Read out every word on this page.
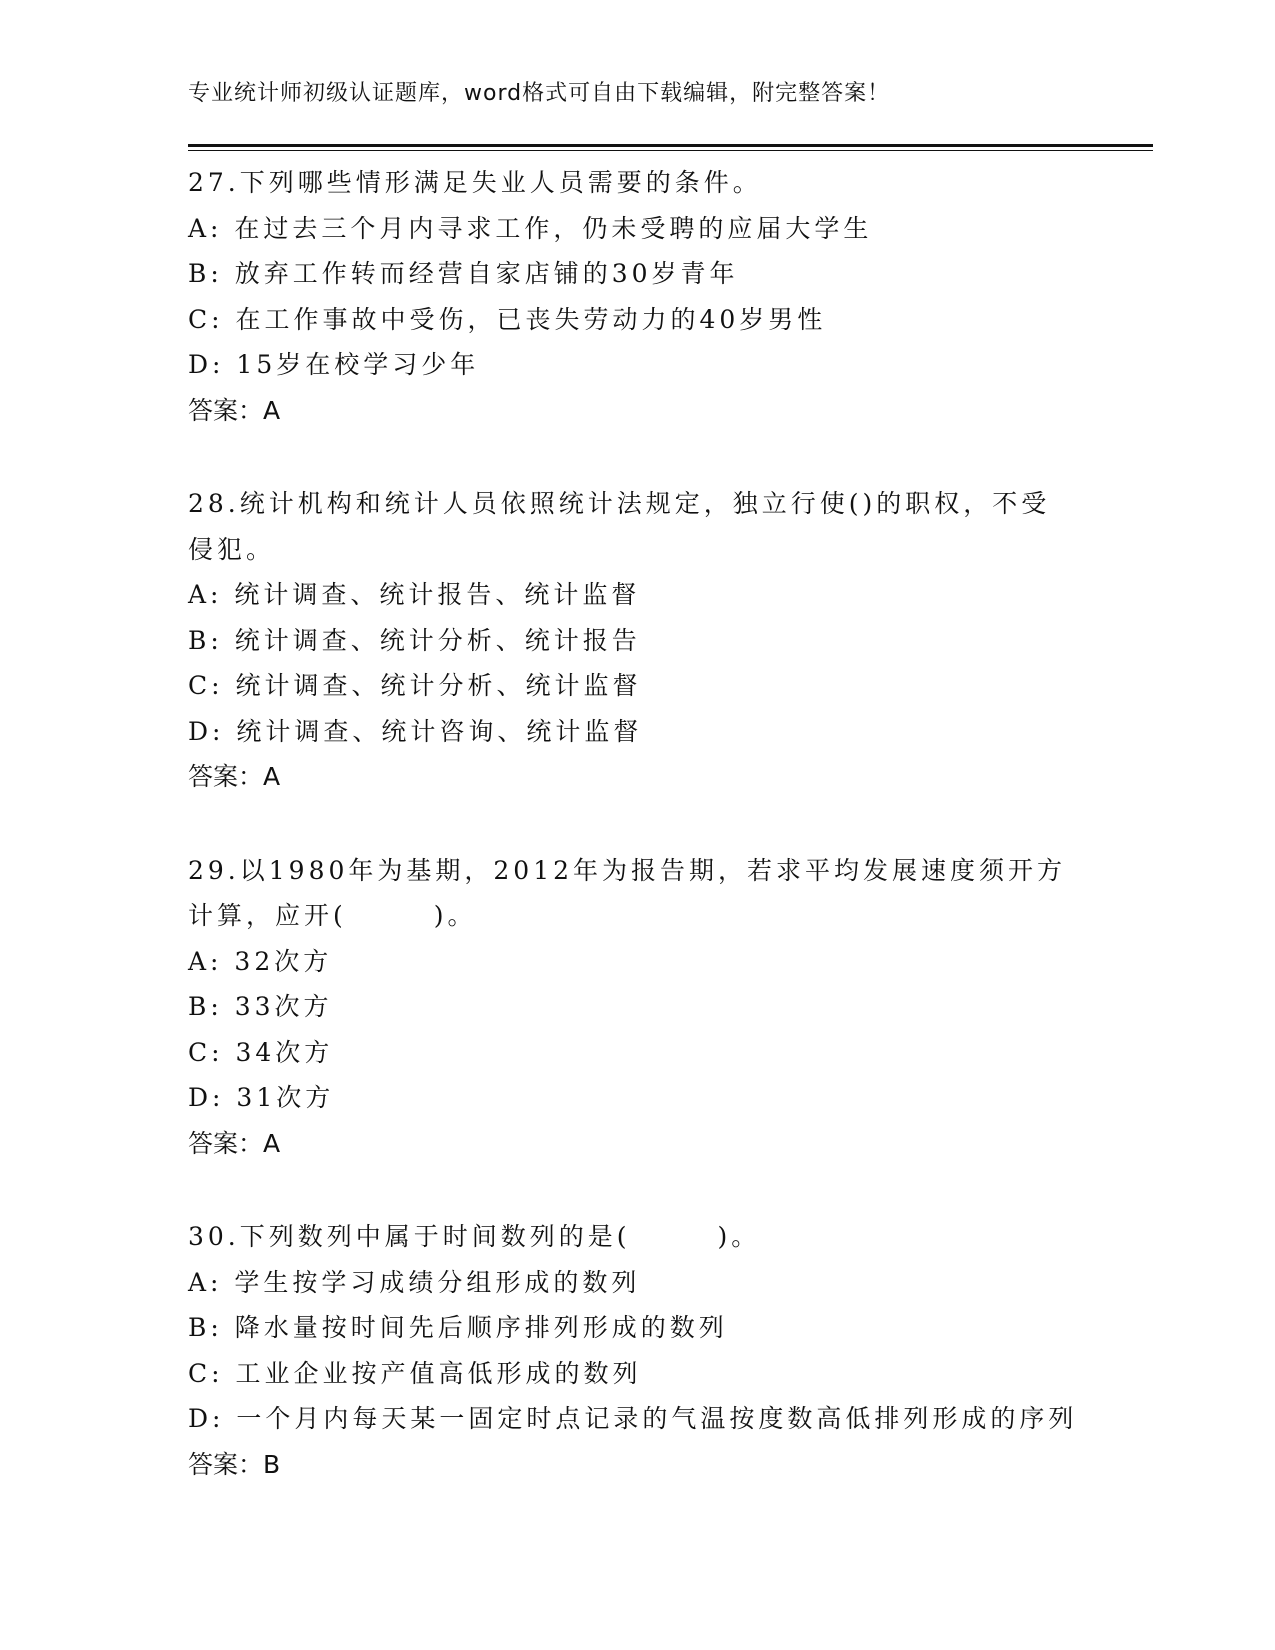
专业统计师初级认证题库，word格式可自由下载编辑，附完整答案！
27.下列哪些情形满足失业人员需要的条件。
A: 在过去三个月内寻求工作，仍未受聘的应届大学生
B: 放弃工作转而经营自家店铺的30岁青年
C: 在工作事故中受伤，已丧失劳动力的40岁男性
D: 15岁在校学习少年
答案：A
28.统计机构和统计人员依照统计法规定，独立行使()的职权，不受侵犯。
A: 统计调查、统计报告、统计监督
B: 统计调查、统计分析、统计报告
C: 统计调查、统计分析、统计监督
D: 统计调查、统计咨询、统计监督
答案：A
29.以1980年为基期，2012年为报告期，若求平均发展速度须开方计算，应开(　　　)。
A: 32次方
B: 33次方
C: 34次方
D: 31次方
答案：A
30.下列数列中属于时间数列的是(　　　)。
A: 学生按学习成绩分组形成的数列
B: 降水量按时间先后顺序排列形成的数列
C: 工业企业按产值高低形成的数列
D: 一个月内每天某一固定时点记录的气温按度数高低排列形成的序列
答案：B
